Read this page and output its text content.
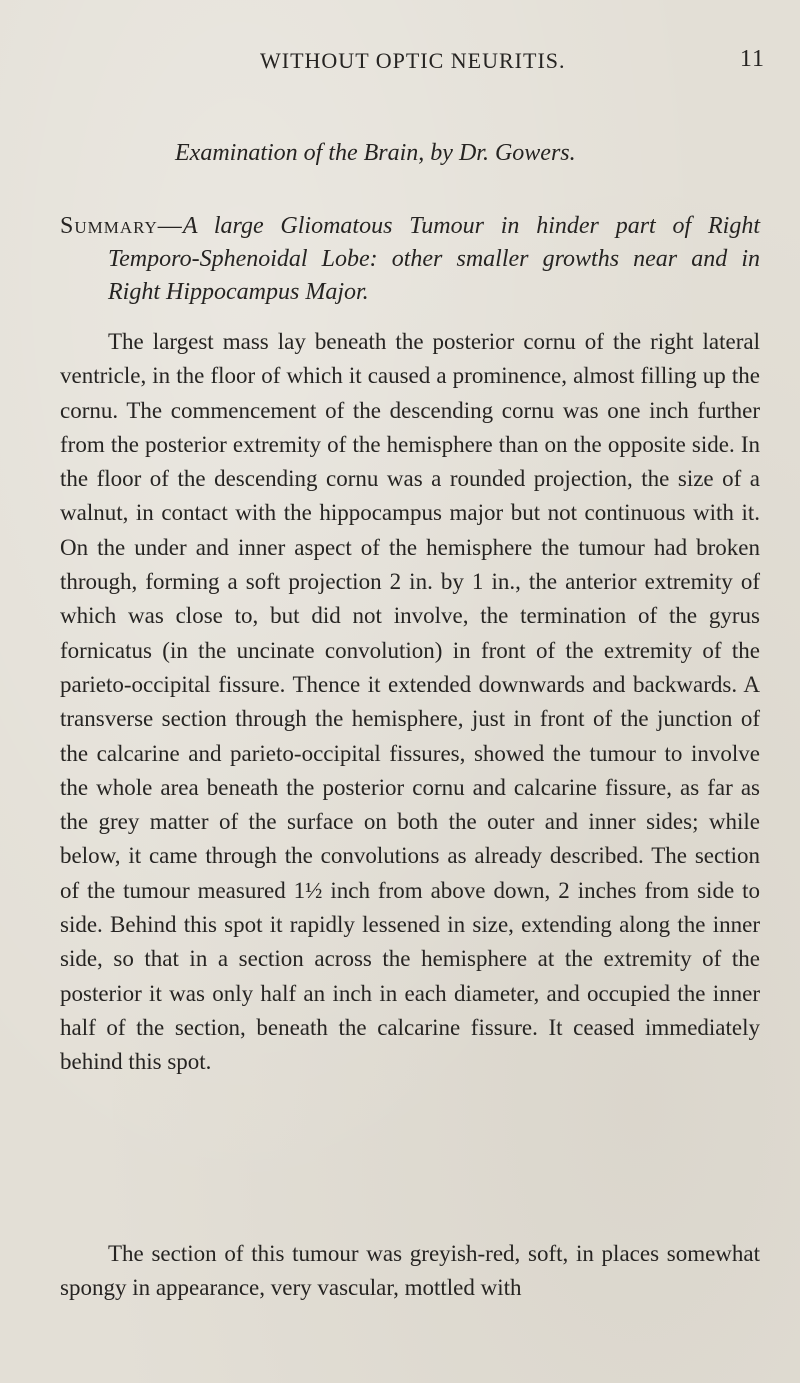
WITHOUT OPTIC NEURITIS.	11
Examination of the Brain, by Dr. Gowers.
Summary—A large Gliomatous Tumour in hinder part of Right Temporo-Sphenoidal Lobe: other smaller growths near and in Right Hippocampus Major.

The largest mass lay beneath the posterior cornu of the right lateral ventricle, in the floor of which it caused a prominence, almost filling up the cornu. The commencement of the descending cornu was one inch further from the posterior extremity of the hemisphere than on the opposite side. In the floor of the descending cornu was a rounded projection, the size of a walnut, in contact with the hippocampus major but not continuous with it. On the under and inner aspect of the hemisphere the tumour had broken through, forming a soft projection 2 in. by 1 in., the anterior extremity of which was close to, but did not involve, the termination of the gyrus fornicatus (in the uncinate convolution) in front of the extremity of the parieto-occipital fissure. Thence it extended downwards and backwards. A transverse section through the hemisphere, just in front of the junction of the calcarine and parieto-occipital fissures, showed the tumour to involve the whole area beneath the posterior cornu and calcarine fissure, as far as the grey matter of the surface on both the outer and inner sides; while below, it came through the convolutions as already described. The section of the tumour measured 1½ inch from above down, 2 inches from side to side. Behind this spot it rapidly lessened in size, extending along the inner side, so that in a section across the hemisphere at the extremity of the posterior it was only half an inch in each diameter, and occupied the inner half of the section, beneath the calcarine fissure. It ceased immediately behind this spot.

The section of this tumour was greyish-red, soft, in places somewhat spongy in appearance, very vascular, mottled with
